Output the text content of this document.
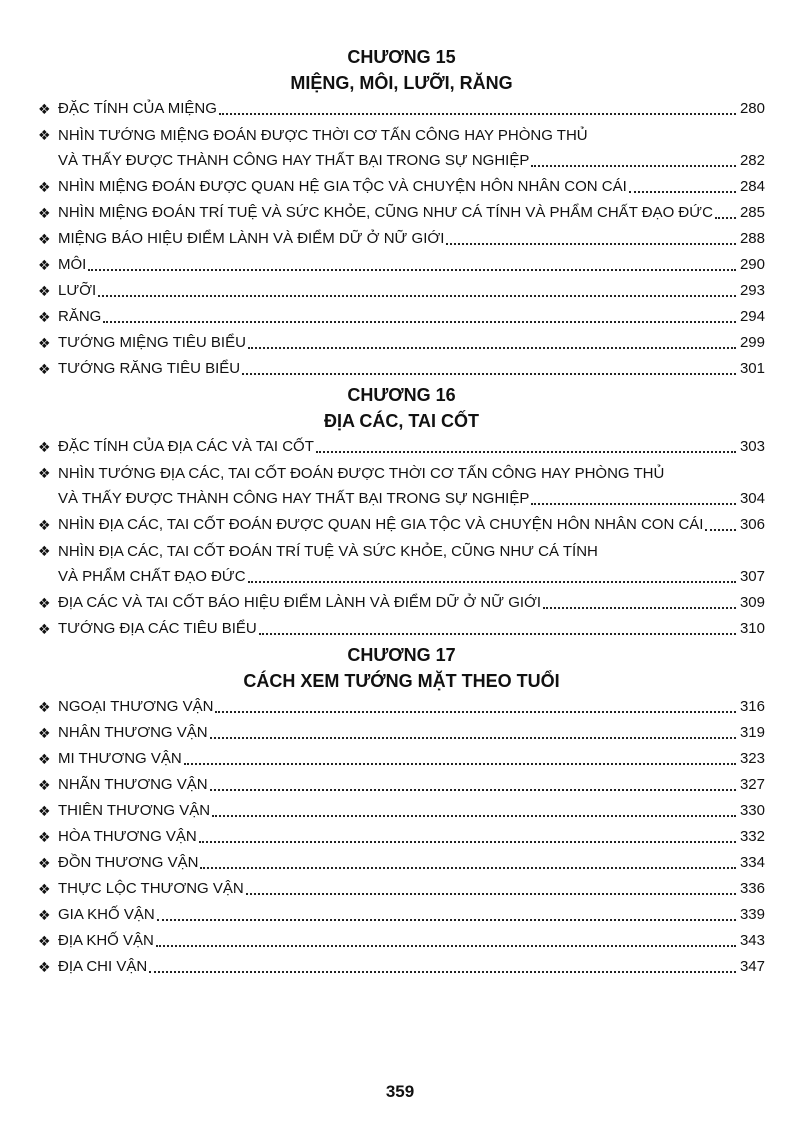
CHƯƠNG 15
MIỆNG, MÔI, LƯỠI, RĂNG
❖ ĐẶC TÍNH CỦA MIỆNG	280
❖ NHÌN TƯỚNG MIỆNG ĐOÁN ĐƯỢC THỜI CƠ TẤN CÔNG HAY PHÒNG THỦ
VÀ THẤY ĐƯỢC THÀNH CÔNG HAY THẤT BẠI TRONG SỰ NGHIỆP	282
❖ NHÌN MIỆNG ĐOÁN ĐƯỢC QUAN HỆ GIA TỘC VÀ CHUYỆN HÔN NHÂN CON CÁI	284
❖ NHÌN MIỆNG ĐOÁN TRÍ TUỆ VÀ SỨC KHỎE, CŨNG NHƯ CÁ TÍNH VÀ PHẨM CHẤT ĐẠO ĐỨC 285
❖ MIỆNG BÁO HIỆU ĐIỂM LÀNH VÀ ĐIỂM DỮ Ở NỮ GIỚI	288
❖ MÔI	290
❖ LƯỠI	293
❖ RĂNG	294
❖ TƯỚNG MIỆNG TIÊU BIỂU	299
❖ TƯỚNG RĂNG TIÊU BIỂU	301
CHƯƠNG 16
ĐỊA CÁC, TAI CỐT
❖ ĐẶC TÍNH CỦA ĐỊA CÁC VÀ TAI CỐT	303
❖ NHÌN TƯỚNG ĐỊA CÁC, TAI CỐT ĐOÁN ĐƯỢC THỜI CƠ TẤN CÔNG HAY PHÒNG THỦ
VÀ THẤY ĐƯỢC THÀNH CÔNG HAY THẤT BẠI TRONG SỰ NGHIỆP	304
❖ NHÌN ĐỊA CÁC, TAI CỐT ĐOÁN ĐƯỢC QUAN HỆ GIA TỘC VÀ CHUYỆN HÔN NHÂN CON CÁI 306
❖ NHÌN ĐỊA CÁC, TAI CỐT ĐOÁN TRÍ TUỆ VÀ SỨC KHỎE, CŨNG NHƯ CÁ TÍNH
VÀ PHẨM CHẤT ĐẠO ĐỨC	307
❖ ĐỊA CÁC VÀ TAI CỐT BÁO HIỆU ĐIỂM LÀNH VÀ ĐIỂM DỮ Ở NỮ GIỚI	309
❖ TƯỚNG ĐỊA CÁC TIÊU BIỂU	310
CHƯƠNG 17
CÁCH XEM TƯỚNG MẶT THEO TUỔI
❖ NGOẠI THƯƠNG VẬN	316
❖ NHÂN THƯƠNG VẬN	319
❖ MI THƯƠNG VẬN	323
❖ NHÃN THƯƠNG VẬN	327
❖ THIÊN THƯƠNG VẬN	330
❖ HÒA THƯƠNG VẬN	332
❖ ĐỒN THƯƠNG VẬN	334
❖ THỰC LỘC THƯƠNG VẬN	336
❖ GIA KHỐ VẬN	339
❖ ĐỊA KHỐ VẬN	343
❖ ĐỊA CHI VẬN	347
359
